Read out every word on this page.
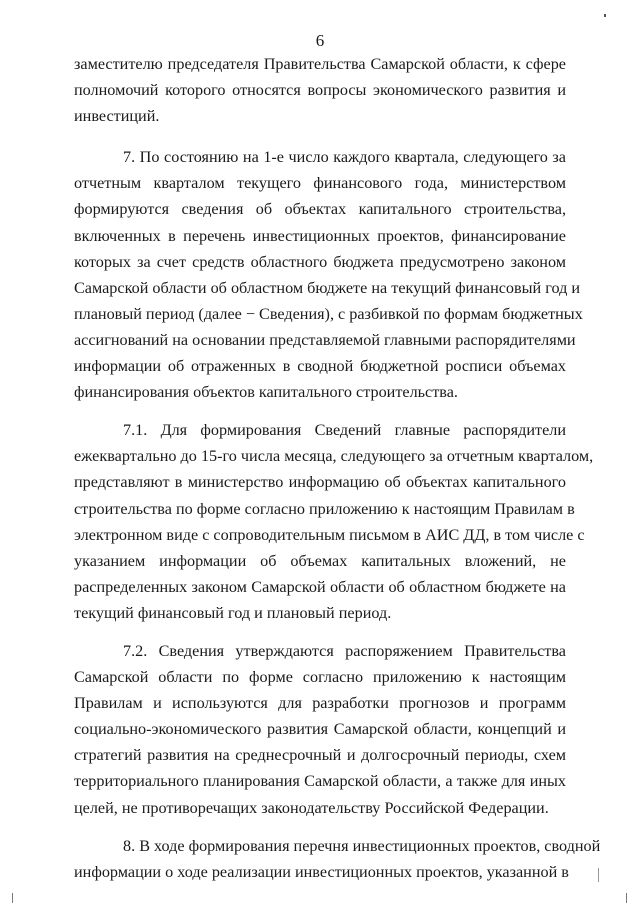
6
заместителю председателя Правительства Самарской области, к сфере
полномочий которого относятся вопросы экономического развития и
инвестиций.
7. По состоянию на 1-е число каждого квартала, следующего за
отчетным кварталом текущего финансового года, министерством
формируются сведения об объектах капитального строительства,
включенных в перечень инвестиционных проектов, финансирование
которых за счет средств областного бюджета предусмотрено законом
Самарской области об областном бюджете на текущий финансовый год и
плановый период (далее − Сведения), с разбивкой по формам бюджетных
ассигнований на основании представляемой главными распорядителями
информации об отраженных в сводной бюджетной росписи объемах
финансирования объектов капитального строительства.
7.1. Для формирования Сведений главные распорядители
ежеквартально до 15-го числа месяца, следующего за отчетным кварталом,
представляют в министерство информацию об объектах капитального
строительства по форме согласно приложению к настоящим Правилам в
электронном виде с сопроводительным письмом в АИС ДД, в том числе с
указанием информации об объемах капитальных вложений, не
распределенных законом Самарской области об областном бюджете на
текущий финансовый год и плановый период.
7.2. Сведения утверждаются распоряжением Правительства
Самарской области по форме согласно приложению к настоящим
Правилам и используются для разработки прогнозов и программ
социально-экономического развития Самарской области, концепций и
стратегий развития на среднесрочный и долгосрочный периоды, схем
территориального планирования Самарской области, а также для иных
целей, не противоречащих законодательству Российской Федерации.
8. В ходе формирования перечня инвестиционных проектов, сводной
информации о ходе реализации инвестиционных проектов, указанной в
